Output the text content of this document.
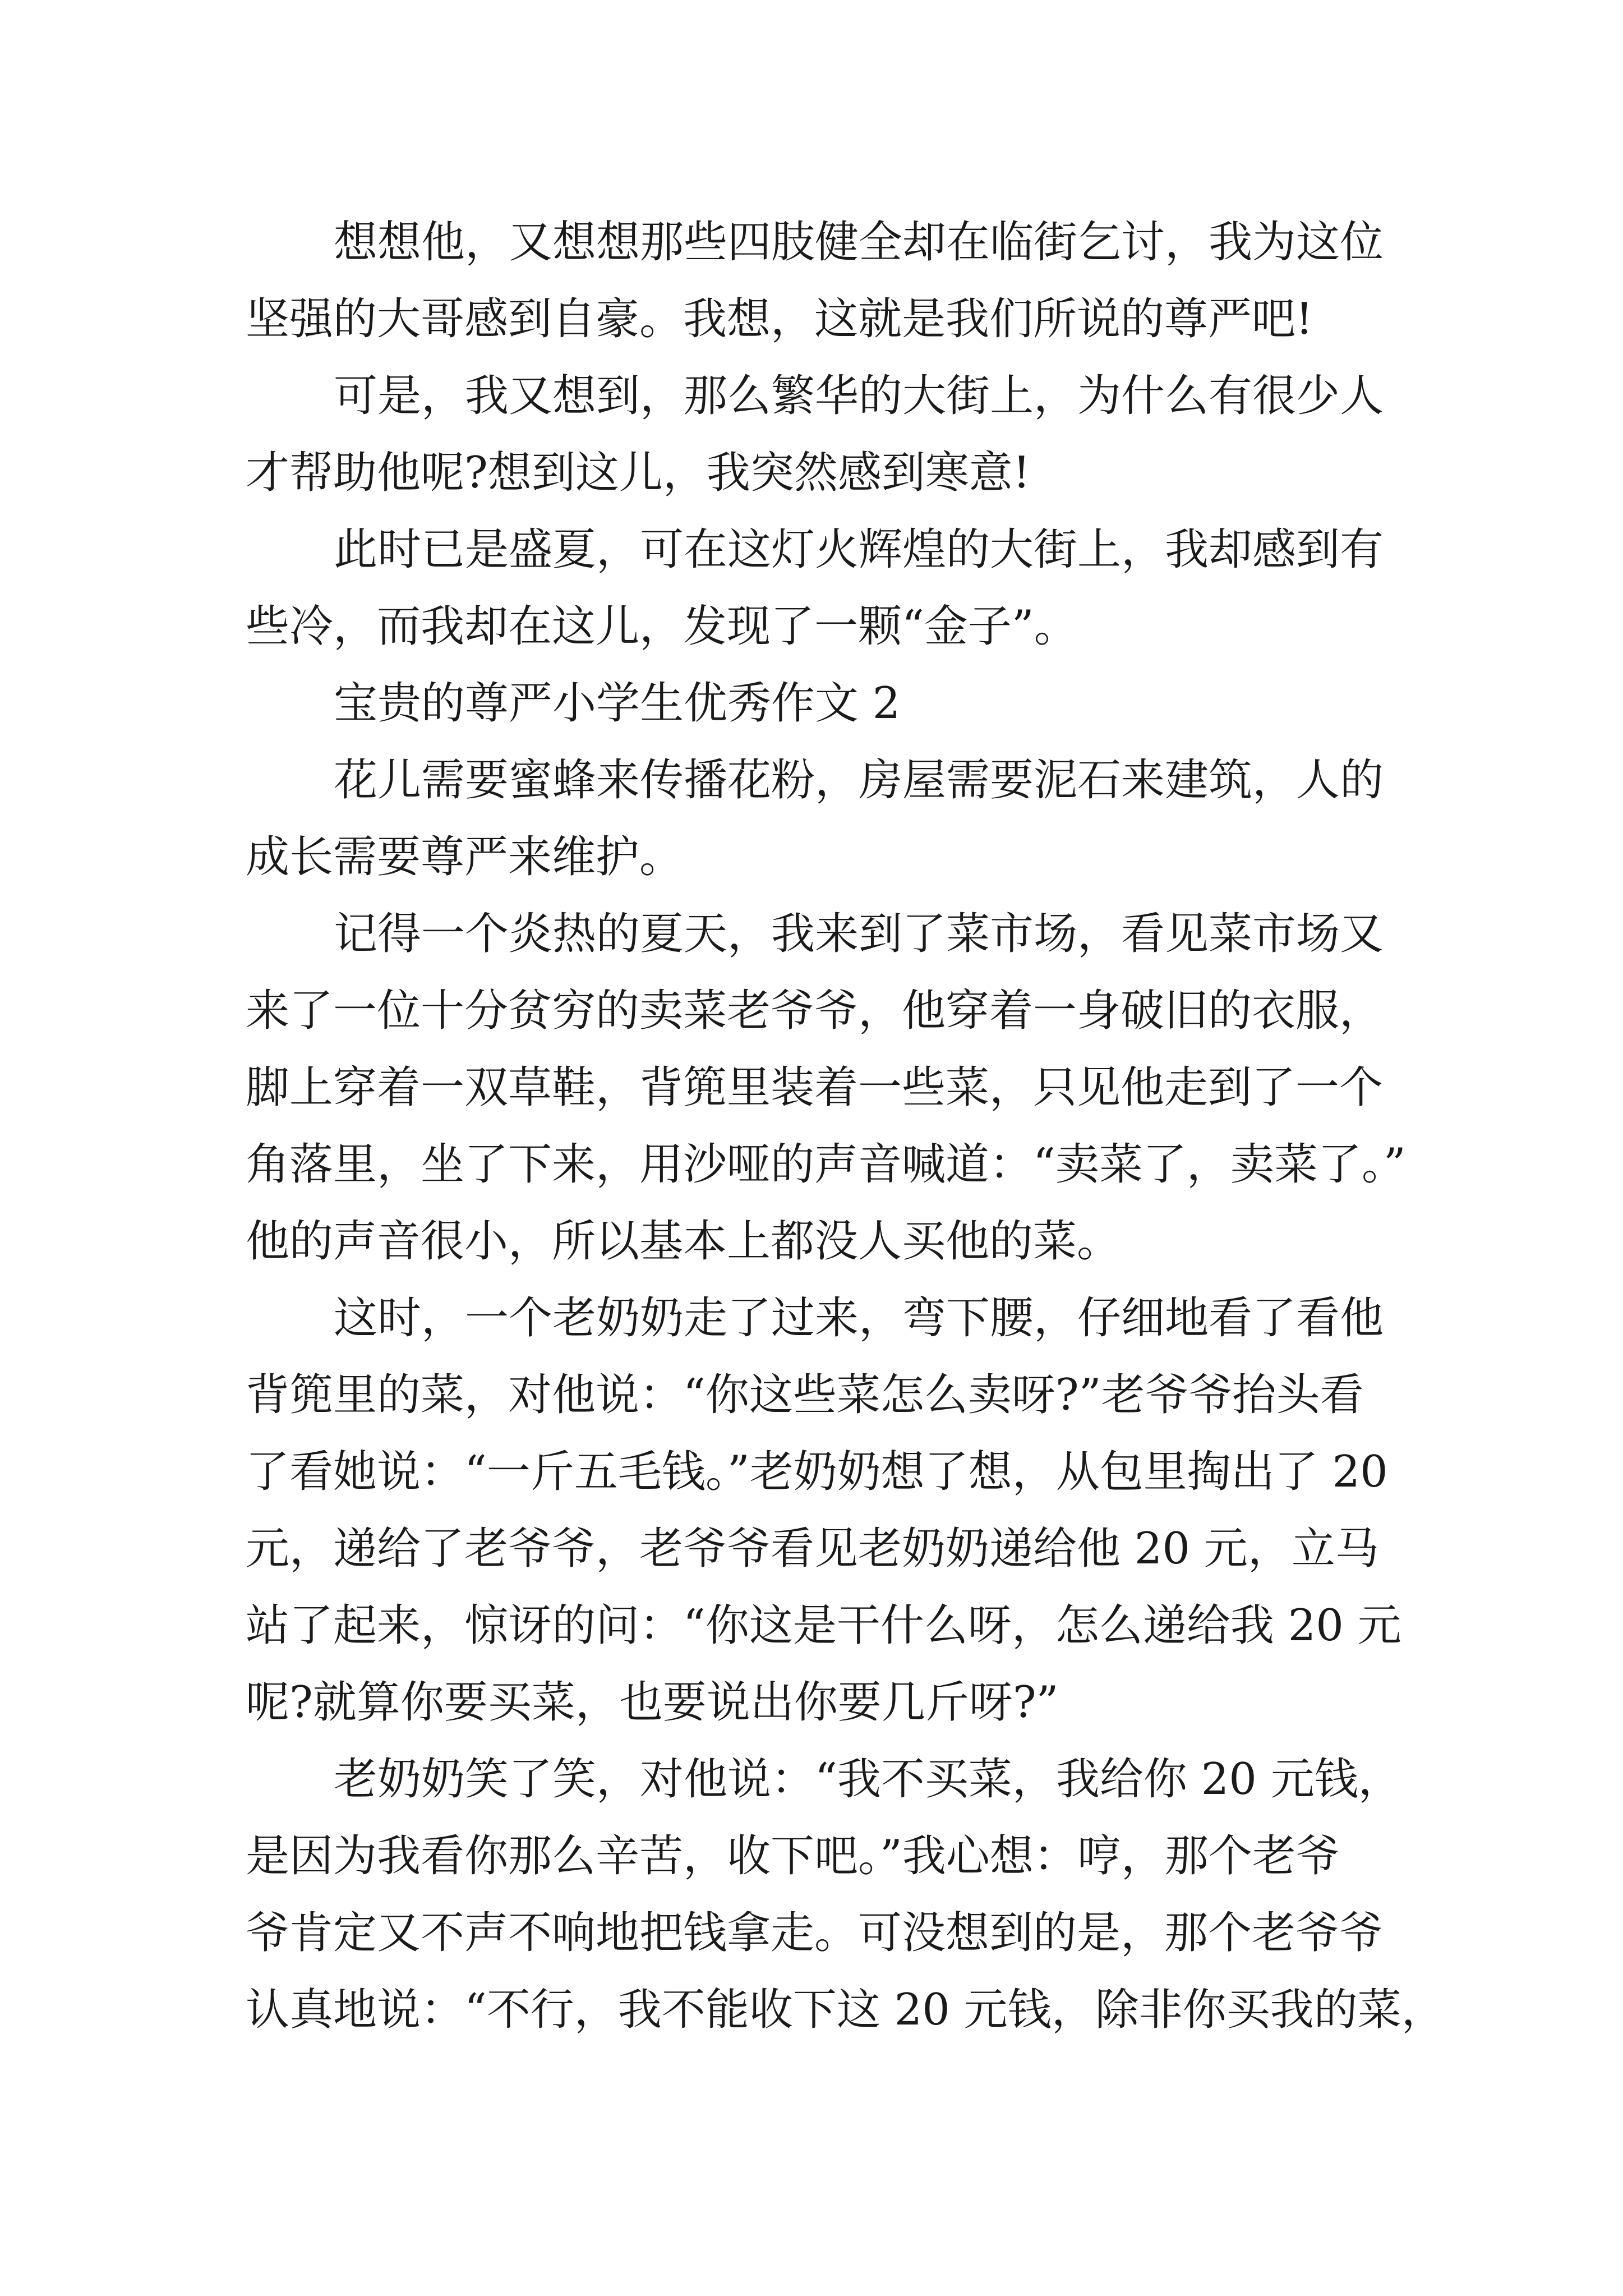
想想他，又想想那些四肢健全却在临街乞讨，我为这位
坚强的大哥感到自豪。我想，这就是我们所说的尊严吧!
可是，我又想到，那么繁华的大街上，为什么有很少人
才帮助他呢?想到这儿，我突然感到寒意!
此时已是盛夏，可在这灯火辉煌的大街上，我却感到有
些冷，而我却在这儿，发现了一颗“金子”。
宝贵的尊严小学生优秀作文 2
花儿需要蜜蜂来传播花粉，房屋需要泥石来建筑，人的
成长需要尊严来维护。
记得一个炎热的夏天，我来到了菜市场，看见菜市场又
来了一位十分贫穷的卖菜老爷爷，他穿着一身破旧的衣服，
脚上穿着一双草鞋，背篼里装着一些菜，只见他走到了一个
角落里，坐了下来，用沙哑的声音喊道：“卖菜了，卖菜了。”
他的声音很小，所以基本上都没人买他的菜。
这时，一个老奶奶走了过来，弯下腰，仔细地看了看他
背篼里的菜，对他说：“你这些菜怎么卖呀?”老爷爷抬头看
了看她说：“一斤五毛钱。”老奶奶想了想，从包里掏出了 20
元，递给了老爷爷，老爷爷看见老奶奶递给他 20 元，立马
站了起来，惊讶的问：“你这是干什么呀，怎么递给我 20 元
呢?就算你要买菜，也要说出你要几斤呀?”
老奶奶笑了笑，对他说：“我不买菜，我给你 20 元钱，
是因为我看你那么辛苦，收下吧。”我心想：哼，那个老爷
爷肯定又不声不响地把钱拿走。可没想到的是，那个老爷爷
认真地说：“不行，我不能收下这 20 元钱，除非你买我的菜，
